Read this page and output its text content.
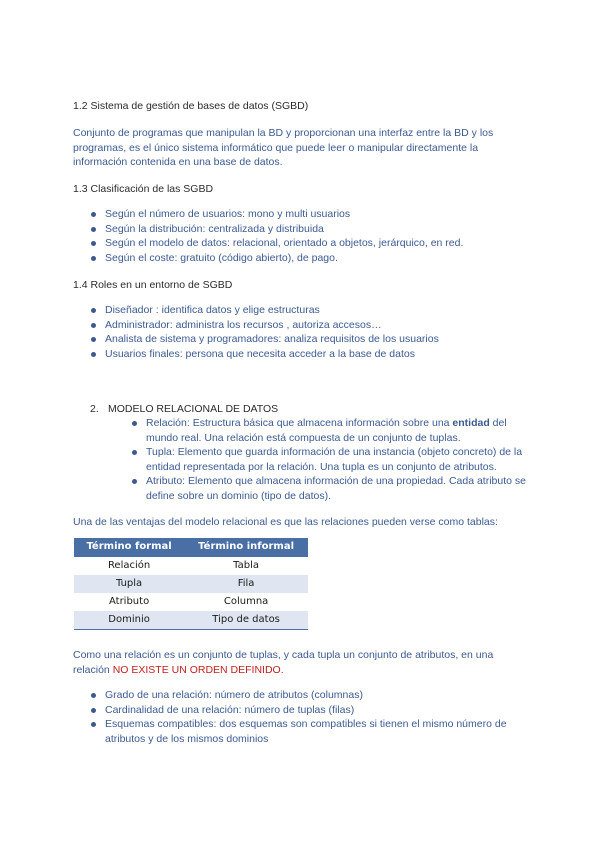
1.2 Sistema de gestión de bases de datos (SGBD)
Conjunto de programas que manipulan la BD y proporcionan una interfaz entre la BD y los programas, es el único sistema informático que puede leer o manipular directamente la información contenida en una base de datos.
1.3 Clasificación de las SGBD
Según el número de usuarios: mono y multi usuarios
Según la distribución: centralizada y distribuida
Según el modelo de datos: relacional, orientado a objetos, jerárquico, en red.
Según el coste: gratuito (código abierto), de pago.
1.4 Roles en un entorno de SGBD
Diseñador : identifica datos y elige estructuras
Administrador: administra los recursos , autoriza accesos…
Analista de sistema y programadores: analiza requisitos de los usuarios
Usuarios finales: persona que necesita acceder a la base de datos
2. MODELO RELACIONAL DE DATOS
Relación: Estructura básica que almacena información sobre una entidad del mundo real. Una relación está compuesta de un conjunto de tuplas.
Tupla: Elemento que guarda información de una instancia (objeto concreto) de la entidad representada por la relación. Una tupla es un conjunto de atributos.
Atributo: Elemento que almacena información de una propiedad. Cada atributo se define sobre un dominio (tipo de datos).
Una de las ventajas del modelo relacional es que las relaciones pueden verse como tablas:
Término formal	Término informal
Relación	Tabla
Tupla	Fila
Atributo	Columna
Dominio	Tipo de datos
Como una relación es un conjunto de tuplas, y cada tupla un conjunto de atributos, en una relación NO EXISTE UN ORDEN DEFINIDO.
Grado de una relación: número de atributos (columnas)
Cardinalidad de una relación: número de tuplas (filas)
Esquemas compatibles: dos esquemas son compatibles si tienen el mismo número de atributos y de los mismos dominios
